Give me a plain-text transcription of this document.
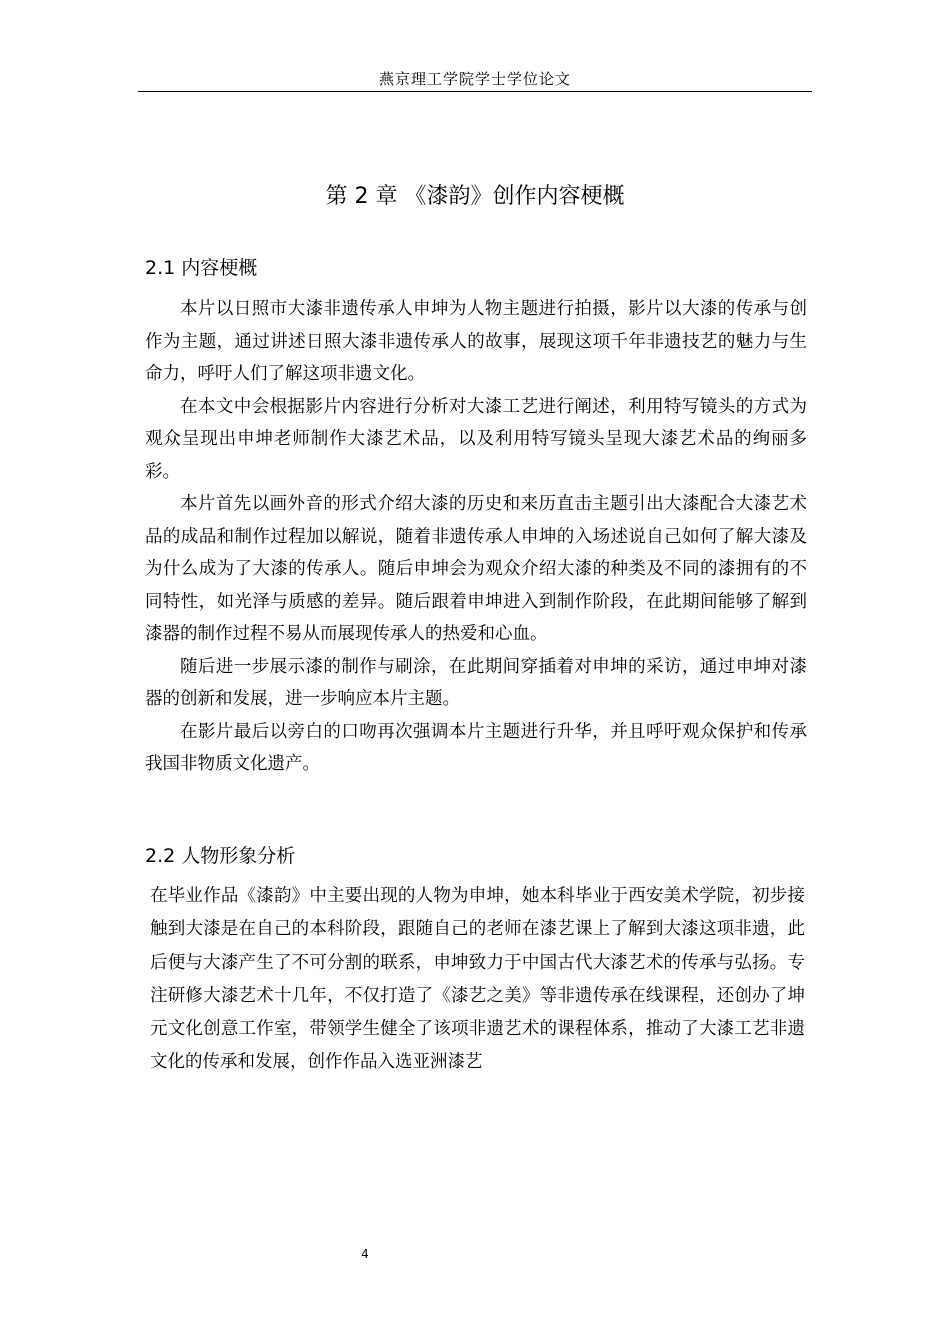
燕京理工学院学士学位论文
第 2 章 《漆韵》创作内容梗概
2.1 内容梗概

本片以日照市大漆非遗传承人申坤为人物主题进行拍摄，影片以大漆的传承与创作为主题，通过讲述日照大漆非遗传承人的故事，展现这项千年非遗技艺的魅力与生命力，呼吁人们了解这项非遗文化。

在本文中会根据影片内容进行分析对大漆工艺进行阐述，利用特写镜头的方式为观众呈现出申坤老师制作大漆艺术品，以及利用特写镜头呈现大漆艺术品的绚丽多彩。

本片首先以画外音的形式介绍大漆的历史和来历直击主题引出大漆配合大漆艺术品的成品和制作过程加以解说，随着非遗传承人申坤的入场述说自己如何了解大漆及为什么成为了大漆的传承人。随后申坤会为观众介绍大漆的种类及不同的漆拥有的不同特性，如光泽与质感的差异。随后跟着申坤进入到制作阶段，在此期间能够了解到漆器的制作过程不易从而展现传承人的热爱和心血。

随后进一步展示漆的制作与刷涂，在此期间穿插着对申坤的采访，通过申坤对漆器的创新和发展，进一步响应本片主题。

在影片最后以旁白的口吻再次强调本片主题进行升华，并且呼吁观众保护和传承我国非物质文化遗产。

2.2 人物形象分析

在毕业作品《漆韵》中主要出现的人物为申坤，她本科毕业于西安美术学院，初步接触到大漆是在自己的本科阶段，跟随自己的老师在漆艺课上了解到大漆这项非遗，此后便与大漆产生了不可分割的联系，申坤致力于中国古代大漆艺术的传承与弘扬。专注研修大漆艺术十几年，不仅打造了《漆艺之美》等非遗传承在线课程，还创办了坤元文化创意工作室，带领学生健全了该项非遗艺术的课程体系，推动了大漆工艺非遗文化的传承和发展，创作作品入选亚洲漆艺

4
